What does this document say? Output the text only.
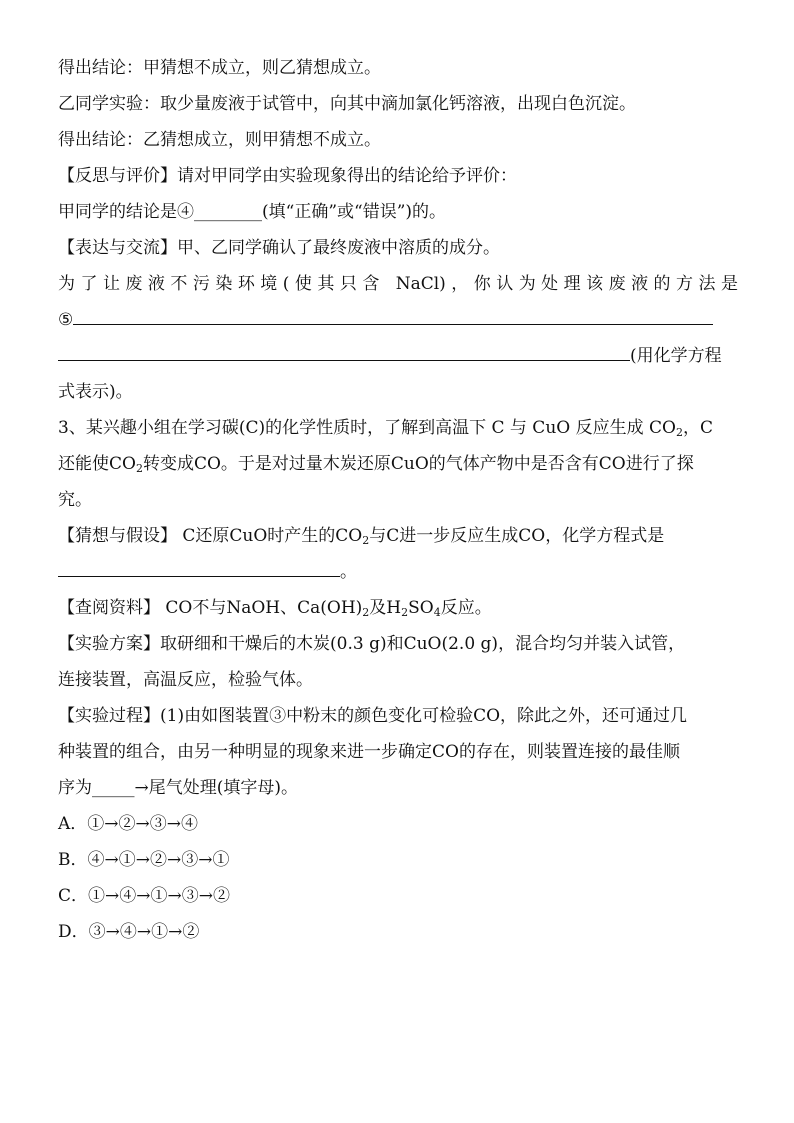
得出结论：甲猜想不成立，则乙猜想成立。
乙同学实验：取少量废液于试管中，向其中滴加氯化钙溶液，出现白色沉淀。
得出结论：乙猜想成立，则甲猜想不成立。
【反思与评价】请对甲同学由实验现象得出的结论给予评价：
甲同学的结论是④________(填“正确”或“错误”)的。
【表达与交流】甲、乙同学确认了最终废液中溶质的成分。
为了让废液不污染环境(使其只含 NaCl)，你认为处理该废液的方法是
⑤
(用化学方程
式表示)。
3、某兴趣小组在学习碳(C)的化学性质时，了解到高温下 C 与 CuO 反应生成 $CO_2$，C
还能使$CO_2$转变成CO。于是对过量木炭还原CuO的气体产物中是否含有CO进行了探
究。
【猜想与假设】 C还原CuO时产生的$CO_2$与C进一步反应生成CO，化学方程式是
。
【查阅资料】 CO不与NaOH、$Ca(OH)_2$及$H_2SO_4$反应。
【实验方案】取研细和干燥后的木炭(0.3 g)和CuO(2.0 g)，混合均匀并装入试管，
连接装置，高温反应，检验气体。
【实验过程】(1)由如图装置③中粉末的颜色变化可检验CO，除此之外，还可通过几
种装置的组合，由另一种明显的现象来进一步确定CO的存在，则装置连接的最佳顺
序为_____→尾气处理(填字母)。
A．①→②→③→④
B．④→①→②→③→①
C．①→④→①→③→②
D．③→④→①→②
